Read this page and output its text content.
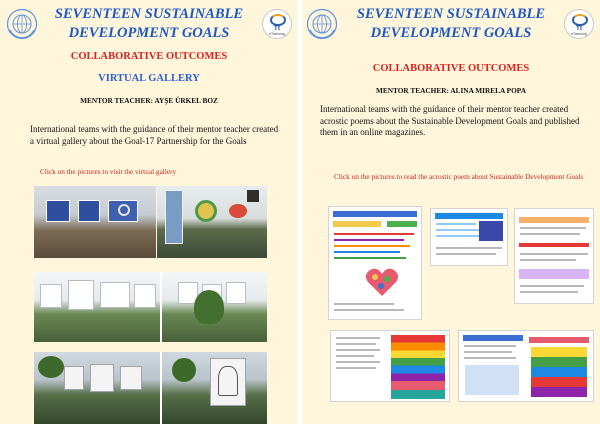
SEVENTEEN SUSTAINABLE
DEVELOPMENT GOALS	Tt
eTwinning
COLLABORATIVE OUTCOMES
VIRTUAL GALLERY
MENTOR TEACHER: AYŞE ÜRKEL BOZ
International teams with the guidance of their mentor teacher created a virtual gallery about the Goal-17 Partnership for the Goals
Click on the pictures to visit the virtual gallery
SEVENTEEN SUSTAINABLE
DEVELOPMENT GOALS	Tt
eTwinning
COLLABORATIVE OUTCOMES
MENTOR TEACHER: ALINA MIRELA POPA
International teams with the guidance of their mentor teacher created acrostic poems about the Sustainable Development Goals and published them in an online magazines.
Click on the pictures to read the acrostic poem about Sustainable Development Goals
